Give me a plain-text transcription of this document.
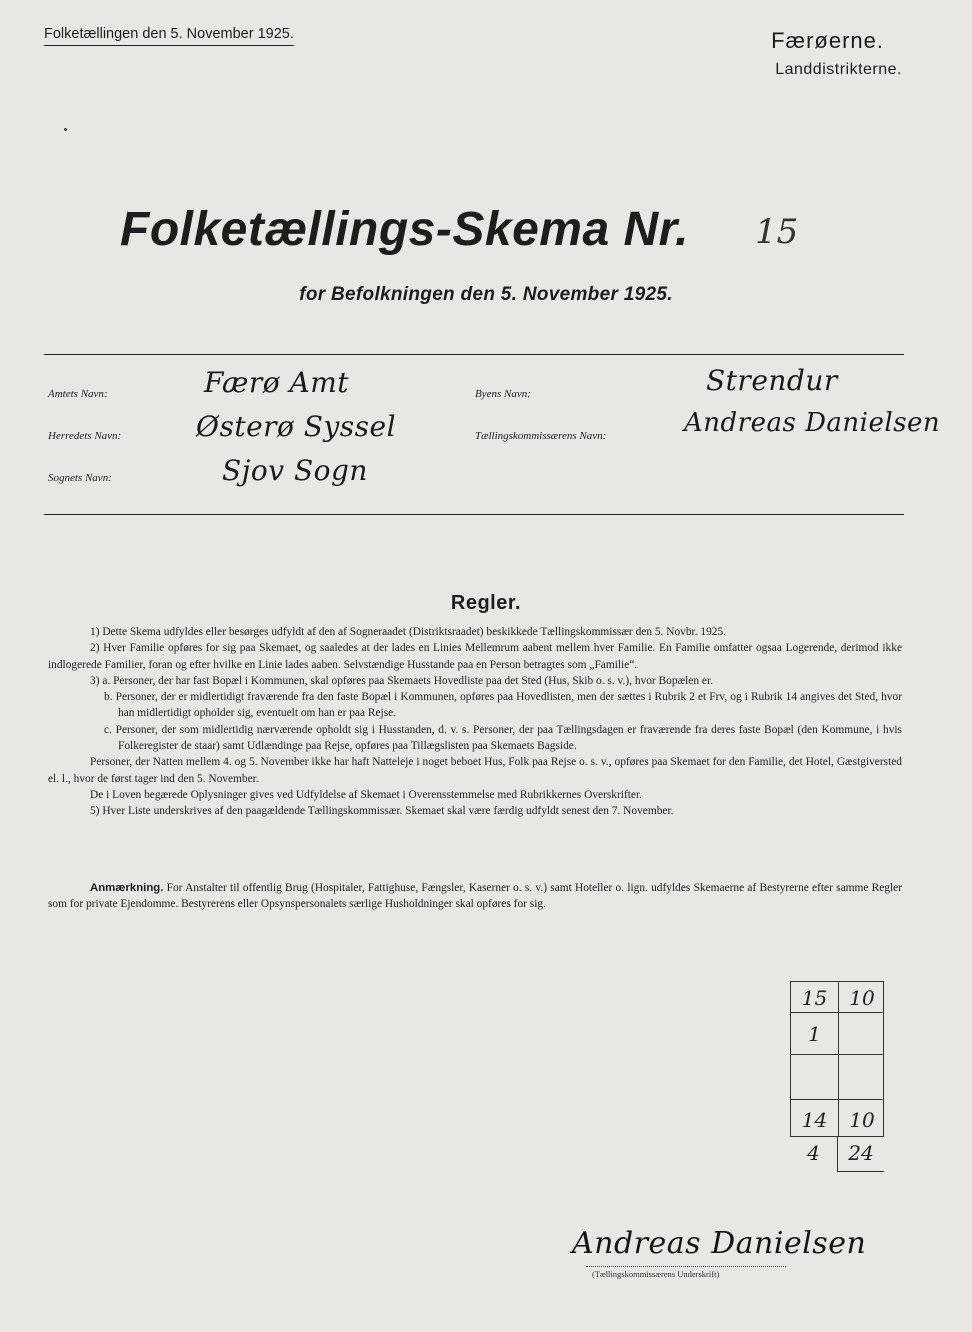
Folketællingen den 5. November 1925.	Færøerne.
Landdistrikterne.
Folketællings-Skema Nr. 15
for Befolkningen den 5. November 1925.
Amtets Navn:	Færø Amt
Herredets Navn:	Østerø Syssel
Sognets Navn:	Sjov Sogn
Byens Navn:	Strendur
Tællingskommissærens Navn:	Andreas Danielsen
Regler.

1) Dette Skema udfyldes eller besørges udfyldt af den af Sogneraadet (Distriktsraadet) beskikkede Tællingskommissær den 5. Novbr. 1925.

2) Hver Familie opføres for sig paa Skemaet, og saaledes at der lades en Linies Mellemrum aabent mellem hver Familie. En Familie omfatter ogsaa Logerende, derimod ikke indlogerede Familier, foran og efter hvilke en Linie lades aaben. Selvstændige Husstande paa en Person betragtes som „Familie“.

3) a. Personer, der har fast Bopæl i Kommunen, skal opføres paa Skemaets Hovedliste paa det Sted (Hus, Skib o. s. v.), hvor Bopælen er.

b. Personer, der er midlertidigt fraværende fra den faste Bopæl i Kommunen, opføres paa Hovedlisten, men der sættes i Rubrik 2 et Frv, og i Rubrik 14 angives det Sted, hvor han midlertidigt opholder sig, eventuelt om han er paa Rejse.

c. Personer, der som midlertidig nærværende opholdt sig i Husstanden, d. v. s. Personer, der paa Tællingsdagen er fraværende fra deres faste Bopæl (den Kommune, i hvis Folkeregister de staar) samt Udlændinge paa Rejse, opføres paa Tillægslisten paa Skemaets Bagside.

Personer, der Natten mellem 4. og 5. November ikke har haft Natteleje i noget beboet Hus, Folk paa Rejse o. s. v., opføres paa Skemaet for den Familie, det Hotel, Gæstgiversted el. l., hvor de først tager ind den 5. November.

De i Loven begærede Oplysninger gives ved Udfyldelse af Skemaet i Overensstemmelse med Rubrikkernes Overskrifter.

5) Hver Liste underskrives af den paagældende Tællingskommissær. Skemaet skal være færdig udfyldt senest den 7. November.

Anmærkning. For Anstalter til offentlig Brug (Hospitaler, Fattighuse, Fængsler, Kaserner o. s. v.) samt Hoteller o. lign. udfyldes Skemaerne af Bestyrerne efter samme Regler som for private Ejendomme. Bestyrerens eller Opsynspersonalets særlige Husholdninger skal opføres for sig.
15	10
1
14	10
4	24
Andreas Danielsen
(Tællingskommissærens Underskrift)
